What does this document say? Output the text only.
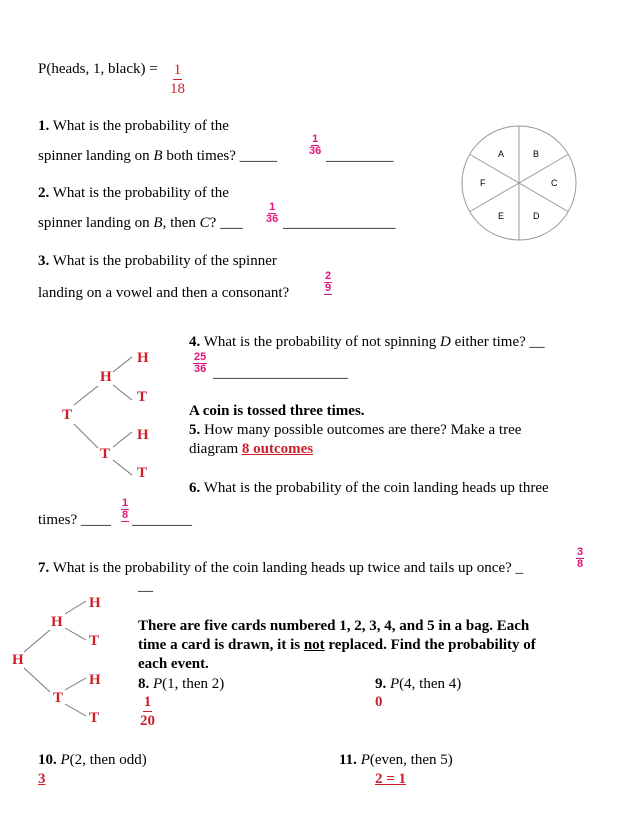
P(heads, 1, black) = $\frac{1}{18}$
1. What is the probability of the
spinner landing on B both times? _____	$\frac{1}{36}$ _________
2. What is the probability of the
spinner landing on B, then C? ___ $\frac{1}{36}$ _______________
3. What is the probability of the spinner
landing on a vowel and then a consonant?	$\frac{2}{9}$
A	B
C
D
E
F
4. What is the probability of not spinning D either time? __
$\frac{25}{36}$ __________________
A coin is tossed three times.
5. How many possible outcomes are there? Make a tree
diagram 8 outcomes
T
H
T
H
T
H
T
6. What is the probability of the coin landing heads up three
times? ____ $\frac{1}{8}$ ________
7. What is the probability of the coin landing heads up twice and tails up once? _	$\frac{3}{8}$
__
H
H
T
H
T
H
T
There are five cards numbered 1, 2, 3, 4, and 5 in a bag. Each
time a card is drawn, it is not replaced. Find the probability of
each event.
8. P(1, then 2)
$\frac{1}{20}$
9. P(4, then 4)
0
10. P(2, then odd)
3
11. P(even, then 5)
2 = 1
